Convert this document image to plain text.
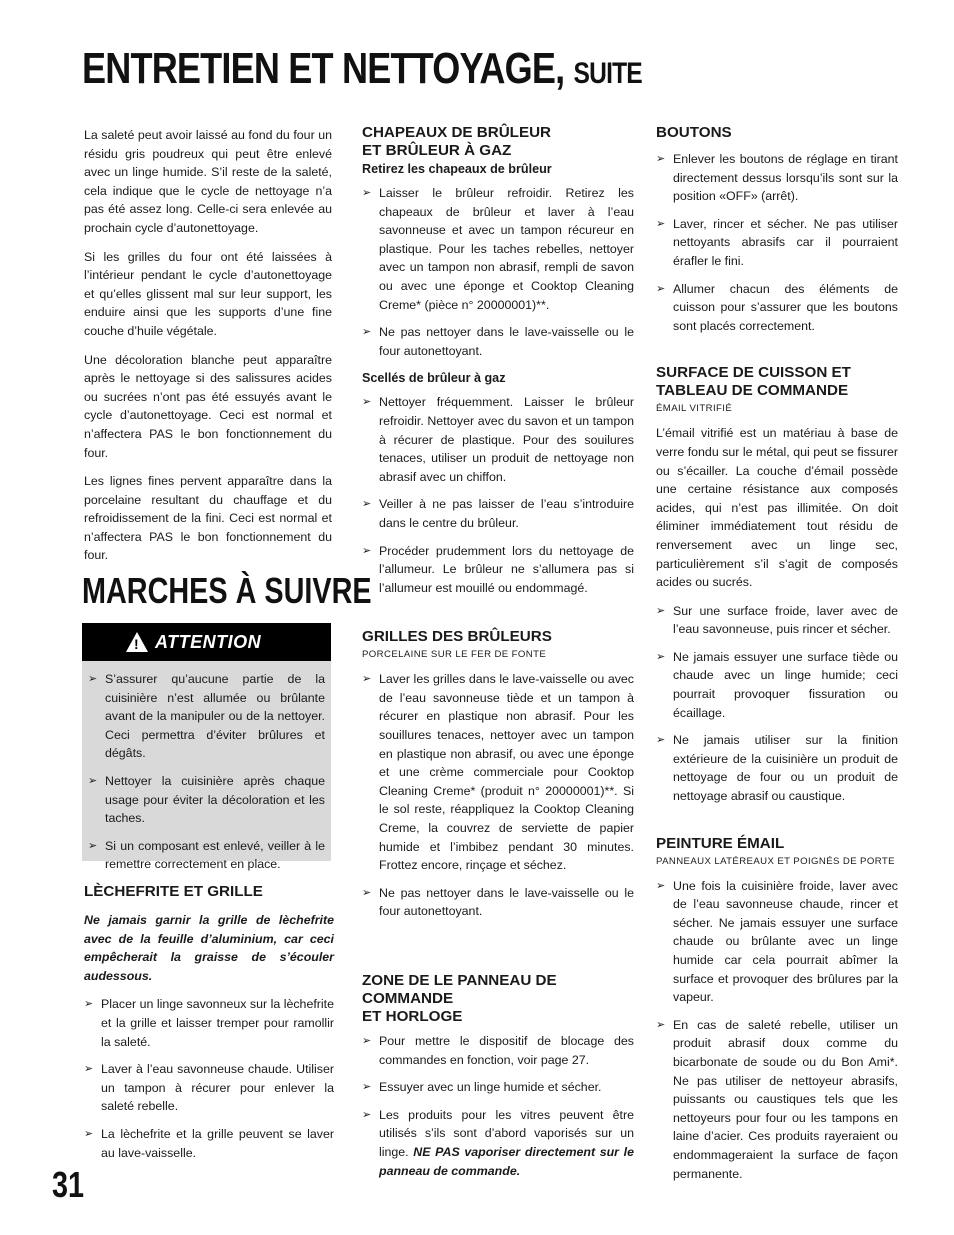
ENTRETIEN ET NETTOYAGE, SUITE

La saleté peut avoir laissé au fond du four un résidu gris poudreux qui peut être enlevé avec un linge humide. S’il reste de la saleté, cela indique que le cycle de nettoyage n’a pas été assez long. Celle-ci sera enlevée au prochain cycle d’autonettoyage.

Si les grilles du four ont été laissées à l’intérieur pendant le cycle d’autonettoyage et qu’elles glissent mal sur leur support, les enduire ainsi que les supports d’une fine couche d’huile végétale.

Une décoloration blanche peut apparaître après le nettoyage si des salissures acides ou sucrées n’ont pas été essuyés avant le cycle d’autonettoyage. Ceci est normal et n’affectera PAS le bon fonctionnement du four.

Les lignes fines pervent apparaître dans la porcelaine resultant du chauffage et du refroidissement de la fini. Ceci est normal et n’affectera PAS le bon fonctionnement du four.

MARCHES À SUIVRE
! ATTENTION
➢ S’assurer qu’aucune partie de la cuisinière n’est allumée ou brûlante avant de la manipuler ou de la nettoyer. Ceci permettra d’éviter brûlures et dégâts.
➢ Nettoyer la cuisinière après chaque usage pour éviter la décoloration et les taches.
➢ Si un composant est enlevé, veiller à le remettre correctement en place.
LÈCHEFRITE ET GRILLE

Ne jamais garnir la grille de lèchefrite avec de la feuille d’aluminium, car ceci empêcherait la graisse de s’écouler audessous.

➢ Placer un linge savonneux sur la lèchefrite et la grille et laisser tremper pour ramollir la saleté.
➢ Laver à l’eau savonneuse chaude. Utiliser un tampon à récurer pour enlever la saleté rebelle.
➢ La lèchefrite et la grille peuvent se laver au lave-vaisselle.
31
CHAPEAUX DE BRÛLEUR
ET BRÛLEUR À GAZ
Retirez les chapeaux de brûleur
➢ Laisser le brûleur refroidir. Retirez les chapeaux de brûleur et laver à l’eau savonneuse et avec un tampon récureur en plastique. Pour les taches rebelles, nettoyer avec un tampon non abrasif, rempli de savon ou avec une éponge et Cooktop Cleaning Creme* (pièce n° 20000001)**.
➢ Ne pas nettoyer dans le lave-vaisselle ou le four autonettoyant.
Scellés de brûleur à gaz
➢ Nettoyer fréquemment. Laisser le brûleur refroidir. Nettoyer avec du savon et un tampon à récurer de plastique. Pour des souilures tenaces, utiliser un produit de nettoyage non abrasif avec un chiffon.
➢ Veiller à ne pas laisser de l’eau s’introduire dans le centre du brûleur.
➢ Procéder prudemment lors du nettoyage de l’allumeur. Le brûleur ne s’allumera pas si l’allumeur est mouillé ou endommagé.
GRILLES DES BRÛLEURS
PORCELAINE SUR LE FER DE FONTE
➢ Laver les grilles dans le lave-vaisselle ou avec de l’eau savonneuse tiède et un tampon à récurer en plastique non abrasif. Pour les souillures tenaces, nettoyer avec un tampon en plastique non abrasif, ou avec une éponge et une crème commerciale pour Cooktop Cleaning Creme* (produit n° 20000001)**. Si le sol reste, réappliquez la Cooktop Cleaning Creme, la couvrez de serviette de papier humide et l’imbibez pendant 30 minutes. Frottez encore, rinçage et séchez.
➢ Ne pas nettoyer dans le lave-vaisselle ou le four autonettoyant.
ZONE DE LE PANNEAU DE COMMANDE
ET HORLOGE
➢ Pour mettre le dispositif de blocage des commandes en fonction, voir page 27.
➢ Essuyer avec un linge humide et sécher.
➢ Les produits pour les vitres peuvent être utilisés s’ils sont d’abord vaporisés sur un linge. NE PAS vaporiser directement sur le panneau de commande.
BOUTONS
➢ Enlever les boutons de réglage en tirant directement dessus lorsqu’ils sont sur la position «OFF» (arrêt).
➢ Laver, rincer et sécher. Ne pas utiliser nettoyants abrasifs car il pourraient érafler le fini.
➢ Allumer chacun des éléments de cuisson pour s’assurer que les boutons sont placés correctement.
SURFACE DE CUISSON ET
TABLEAU DE COMMANDE
ÉMAIL VITRIFIÉ

L’émail vitrifié est un matériau à base de verre fondu sur le métal, qui peut se fissurer ou s’écailler. La couche d’émail possède une certaine résistance aux composés acides, qui n’est pas illimitée. On doit éliminer immédiatement tout résidu de renversement avec un linge sec, particulièrement s’il s’agit de composés acides ou sucrés.

➢ Sur une surface froide, laver avec de l’eau savonneuse, puis rincer et sécher.
➢ Ne jamais essuyer une surface tiède ou chaude avec un linge humide; ceci pourrait provoquer fissuration ou écaillage.
➢ Ne jamais utiliser sur la finition extérieure de la cuisinière un produit de nettoyage de four ou un produit de nettoyage abrasif ou caustique.
PEINTURE ÉMAIL
PANNEAUX LATÉREAUX ET POIGNÉS DE PORTE
➢ Une fois la cuisinière froide, laver avec de l’eau savonneuse chaude, rincer et sécher. Ne jamais essuyer une surface chaude ou brûlante avec un linge humide car cela pourrait abîmer la surface et provoquer des brûlures par la vapeur.
➢ En cas de saleté rebelle, utiliser un produit abrasif doux comme du bicarbonate de soude ou du Bon Ami*. Ne pas utiliser de nettoyeur abrasifs, puissants ou caustiques tels que les nettoyeurs pour four ou les tampons en laine d’acier. Ces produits rayeraient ou endommageraient la surface de façon permanente.
